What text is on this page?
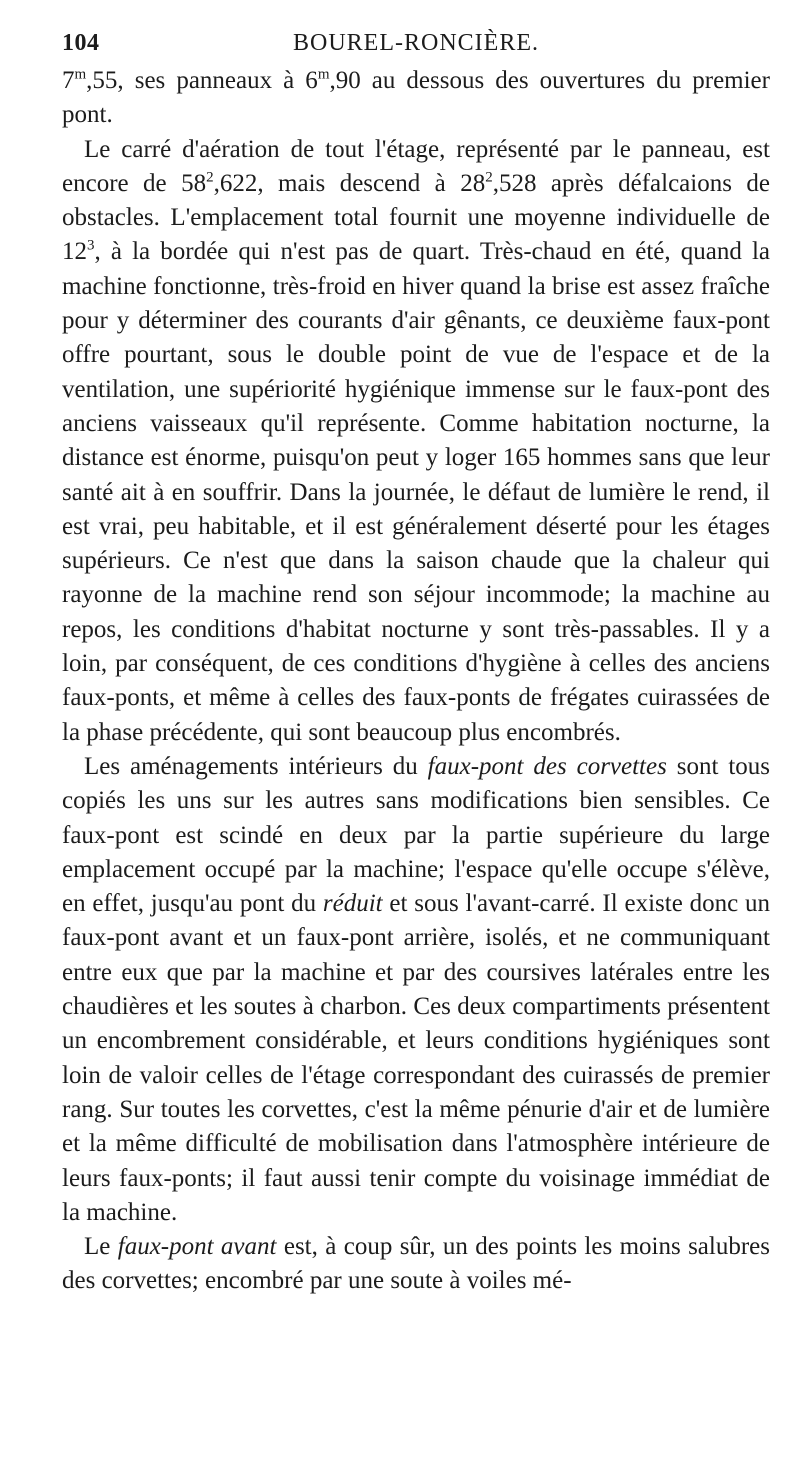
104	BOUREL-RONCIÈRE.

7$^m$,55, ses panneaux à 6$^m$,90 au dessous des ouvertures du premier pont.

Le carré d'aération de tout l'étage, représenté par le panneau, est encore de $58^2,622$, mais descend à $28^2,528$ après défalcaions de obstacles. L'emplacement total fournit une moyenne individuelle de $12^3$, à la bordée qui n'est pas de quart. Très-chaud en été, quand la machine fonctionne, très-froid en hiver quand la brise est assez fraîche pour y déterminer des courants d'air gênants, ce deuxième faux-pont offre pourtant, sous le double point de vue de l'espace et de la ventilation, une supériorité hygiénique immense sur le faux-pont des anciens vaisseaux qu'il représente. Comme habitation nocturne, la distance est énorme, puisqu'on peut y loger 165 hommes sans que leur santé ait à en souffrir. Dans la journée, le défaut de lumière le rend, il est vrai, peu habitable, et il est généralement déserté pour les étages supérieurs. Ce n'est que dans la saison chaude que la chaleur qui rayonne de la machine rend son séjour incommode; la machine au repos, les conditions d'habitat nocturne y sont très-passables. Il y a loin, par conséquent, de ces conditions d'hygiène à celles des anciens faux-ponts, et même à celles des faux-ponts de frégates cuirassées de la phase précédente, qui sont beaucoup plus encombrés.

Les aménagements intérieurs du faux-pont des corvettes sont tous copiés les uns sur les autres sans modifications bien sensibles. Ce faux-pont est scindé en deux par la partie supérieure du large emplacement occupé par la machine; l'espace qu'elle occupe s'élève, en effet, jusqu'au pont du réduit et sous l'avant-carré. Il existe donc un faux-pont avant et un faux-pont arrière, isolés, et ne communiquant entre eux que par la machine et par des coursives latérales entre les chaudières et les soutes à charbon. Ces deux compartiments présentent un encombrement considérable, et leurs conditions hygiéniques sont loin de valoir celles de l'étage correspondant des cuirassés de premier rang. Sur toutes les corvettes, c'est la même pénurie d'air et de lumière et la même difficulté de mobilisation dans l'atmosphère intérieure de leurs faux-ponts; il faut aussi tenir compte du voisinage immédiat de la machine.

Le faux-pont avant est, à coup sûr, un des points les moins salubres des corvettes; encombré par une soute à voiles mé-
